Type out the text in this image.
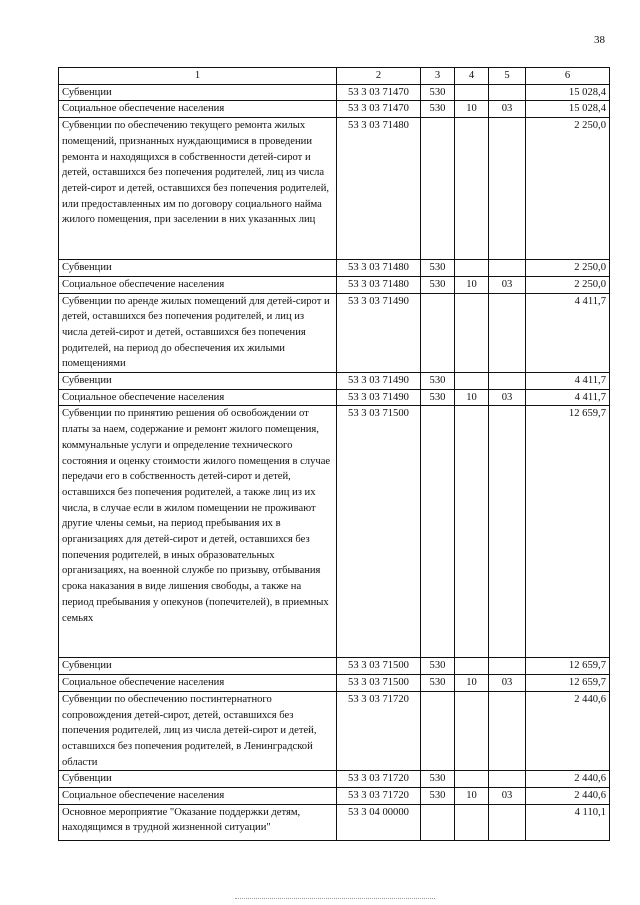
38
1	2	3	4	5	6
Субвенции	53 3 03 71470	530			15 028,4
Социальное обеспечение населения	53 3 03 71470	530	10	03	15 028,4
Субвенции по обеспечению текущего ремонта жилых помещений, признанных нуждающимися в проведении ремонта и находящихся в собственности детей-сирот и детей, оставшихся без попечения родителей, лиц из числа детей-сирот и детей, оставшихся без попечения родителей, или предоставленных им по договору социального найма жилого помещения, при заселении в них указанных лиц	53 3 03 71480				2 250,0
Субвенции	53 3 03 71480	530			2 250,0
Социальное обеспечение населения	53 3 03 71480	530	10	03	2 250,0
Субвенции по аренде жилых помещений для детей-сирот и детей, оставшихся без попечения родителей, и лиц из числа детей-сирот и детей, оставшихся без попечения родителей, на период до обеспечения их жилыми помещениями	53 3 03 71490				4 411,7
Субвенции	53 3 03 71490	530			4 411,7
Социальное обеспечение населения	53 3 03 71490	530	10	03	4 411,7
Субвенции по принятию решения об освобождении от платы за наем, содержание и ремонт жилого помещения, коммунальные услуги и определение технического состояния и оценку стоимости жилого помещения в случае передачи его в собственность детей-сирот и детей, оставшихся без попечения родителей, а также лиц из их числа, в случае если в жилом помещении не проживают другие члены семьи, на период пребывания их в организациях для детей-сирот и детей, оставшихся без попечения родителей, в иных образовательных организациях, на военной службе по призыву, отбывания срока наказания в виде лишения свободы, а также на период пребывания у опекунов (попечителей), в приемных семьях	53 3 03 71500				12 659,7
Субвенции	53 3 03 71500	530			12 659,7
Социальное обеспечение населения	53 3 03 71500	530	10	03	12 659,7
Субвенции по обеспечению постинтернатного сопровождения детей-сирот, детей, оставшихся без попечения родителей, лиц из числа детей-сирот и детей, оставшихся без попечения родителей, в Ленинградской области	53 3 03 71720				2 440,6
Субвенции	53 3 03 71720	530			2 440,6
Социальное обеспечение населения	53 3 03 71720	530	10	03	2 440,6
Основное мероприятие "Оказание поддержки детям, находящимся в трудной жизненной ситуации"	53 3 04 00000				4 110,1
